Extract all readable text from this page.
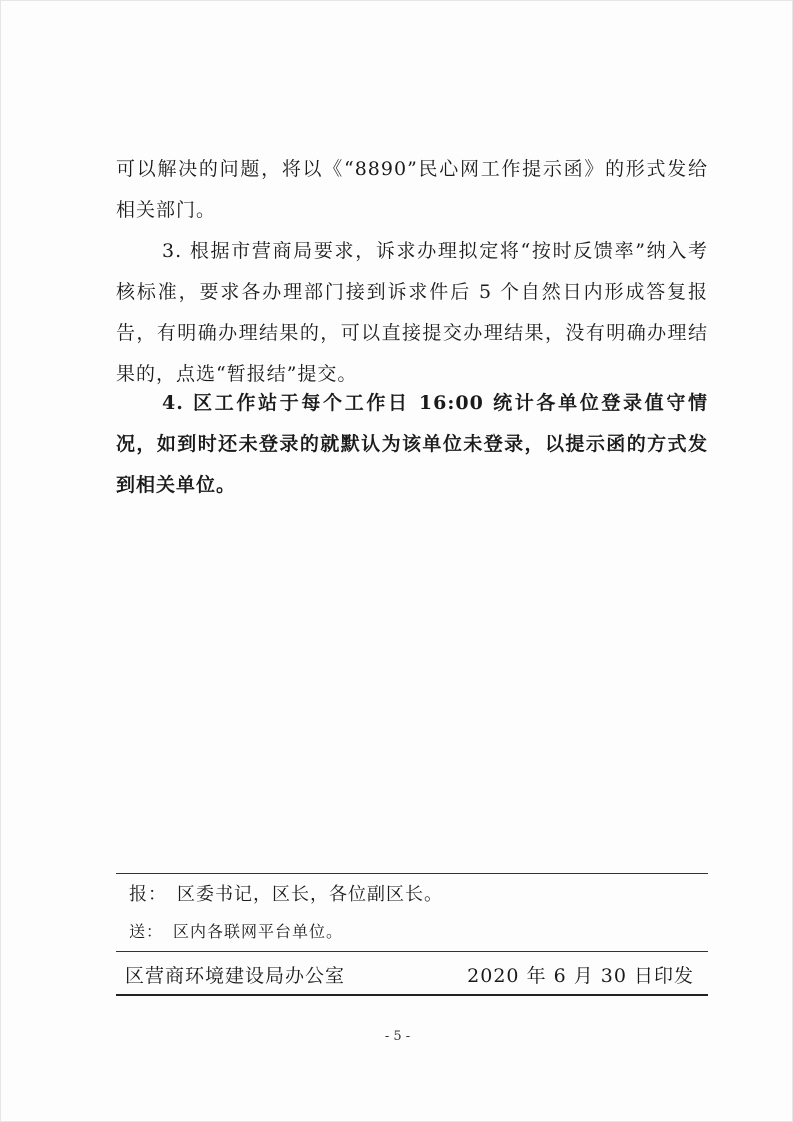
可以解决的问题，将以《“8890”民心网工作提示函》的形式发给相关部门。

3. 根据市营商局要求，诉求办理拟定将“按时反馈率”纳入考核标准，要求各办理部门接到诉求件后 5 个自然日内形成答复报告，有明确办理结果的，可以直接提交办理结果，没有明确办理结果的，点选“暂报结”提交。

4. 区工作站于每个工作日 16:00 统计各单位登录值守情况，如到时还未登录的就默认为该单位未登录，以提示函的方式发到相关单位。

报： 区委书记，区长，各位副区长。
送： 区内各联网平台单位。
区营商环境建设局办公室	2020 年 6 月 30 日印发
- 5 -
